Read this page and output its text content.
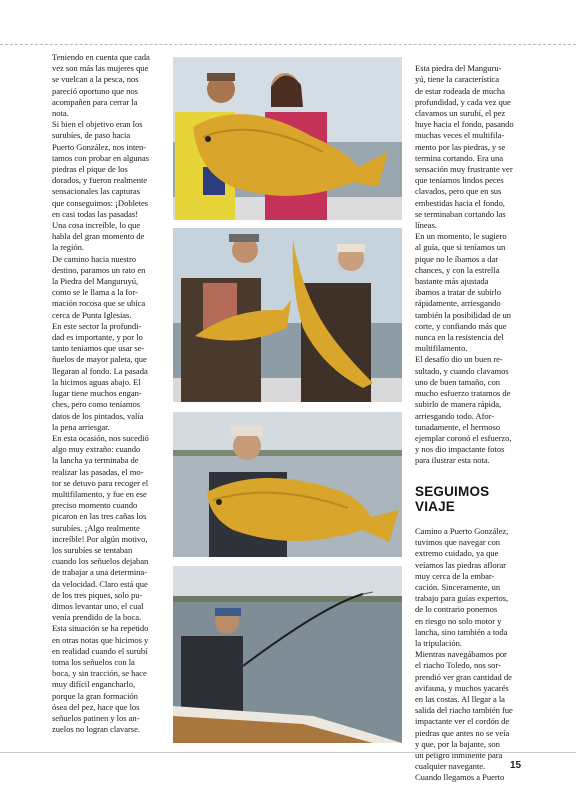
Teniendo en cuenta que cada
vez son más las mujeres que
se vuelcan a la pesca, nos
pareció oportuno que nos
acompañen para cerrar la
nota.
Si bien el objetivo eran los
surubíes, de paso hacia
Puerto González, nos inten-
tamos con probar en algunas
piedras el pique de los
dorados, y fueron realmente
sensacionales las capturas
que conseguimos: ¡Dobletes
en casi todas las pasadas!
Una cosa increíble, lo que
habla del gran momento de
la región.
De camino hacia nuestro
destino, paramos un rato en
la Piedra del Manguruyú,
como se le llama a la for-
mación rocosa que se ubica
cerca de Punta Iglesias.
En este sector la profundi-
dad es importante, y por lo
tanto teníamos que usar se-
ñuelos de mayor paleta, que
llegaran al fondo. La pasada
la hicimos aguas abajo. El
lugar tiene muchos engan-
ches, pero como teníamos
datos de los pintados, valía
la pena arriesgar.
En esta ocasión, nos sucedió
algo muy extraño: cuando
la lancha ya terminaba de
realizar las pasadas, el mo-
tor se detuvo para recoger el
multifilamento, y fue en ese
preciso momento cuando
picaron en las tres cañas los
surubíes. ¡Algo realmente
increíble! Por algún motivo,
los surubíes se tentaban
cuando los señuelos dejaban
de trabajar a una determina-
da velocidad. Claro está que
de los tres piques, solo pu-
dimos levantar uno, el cual
venía prendido de la boca.
Esta situación se ha repetido
en otras notas que hicimos y
en realidad cuando el surubí
toma los señuelos con la
boca, y sin tracción, se hace
muy difícil engancharlo,
porque la gran formación
ósea del pez, hace que los
señuelos patinen y los an-
zuelos no logran clavarse.

Esta piedra del Manguru-
yú, tiene la característica
de estar rodeada de mucha
profundidad, y cada vez que
clavamos un surubí, el pez
huye hacia el fondo, pasando
muchas veces el multifila-
mento por las piedras, y se
termina cortando. Era una
sensación muy frustrante ver
que teníamos lindos peces
clavados, pero que en sus
embestidas hacia el fondo,
se terminaban cortando las
líneas.
En un momento, le sugiero
al guía, que si teníamos un
pique no le íbamos a dar
chances, y con la estrella
bastante más ajustada
íbamos a tratar de subirlo
rápidamente, arriesgando
también la posibilidad de un
corte, y confiando más que
nunca en la resistencia del
multifilamento.
El desafío dio un buen re-
sultado, y cuando clavamos
uno de buen tamaño, con
mucho esfuerzo tratamos de
subirlo de manera rápida,
arriesgando todo. Afor-
tunadamente, el hermoso
ejemplar coronó el esfuerzo,
y nos dio impactante fotos
para ilustrar esta nota.

SEGUIMOS VIAJE

Camino a Puerto González,
tuvimos que navegar con
extremo cuidado, ya que
veíamos las piedras aflorar
muy cerca de la embar-
cación. Sinceramente, un
trabajo para guías expertos,
de lo contrario ponemos
en riesgo no solo motor y
lancha, sino también a toda
la tripulación.
Mientras navegábamos por
el riacho Toledo, nos sor-
prendió ver gran cantidad de
avifauna, y muchos yacarés
en las costas. Al llegar a la
salida del riacho también fue
impactante ver el cordón de
piedras que antes no se veía
y que, por la bajante, son
un peligro inminente para
cualquier navegante.
Cuando llegamos a Puerto

15
